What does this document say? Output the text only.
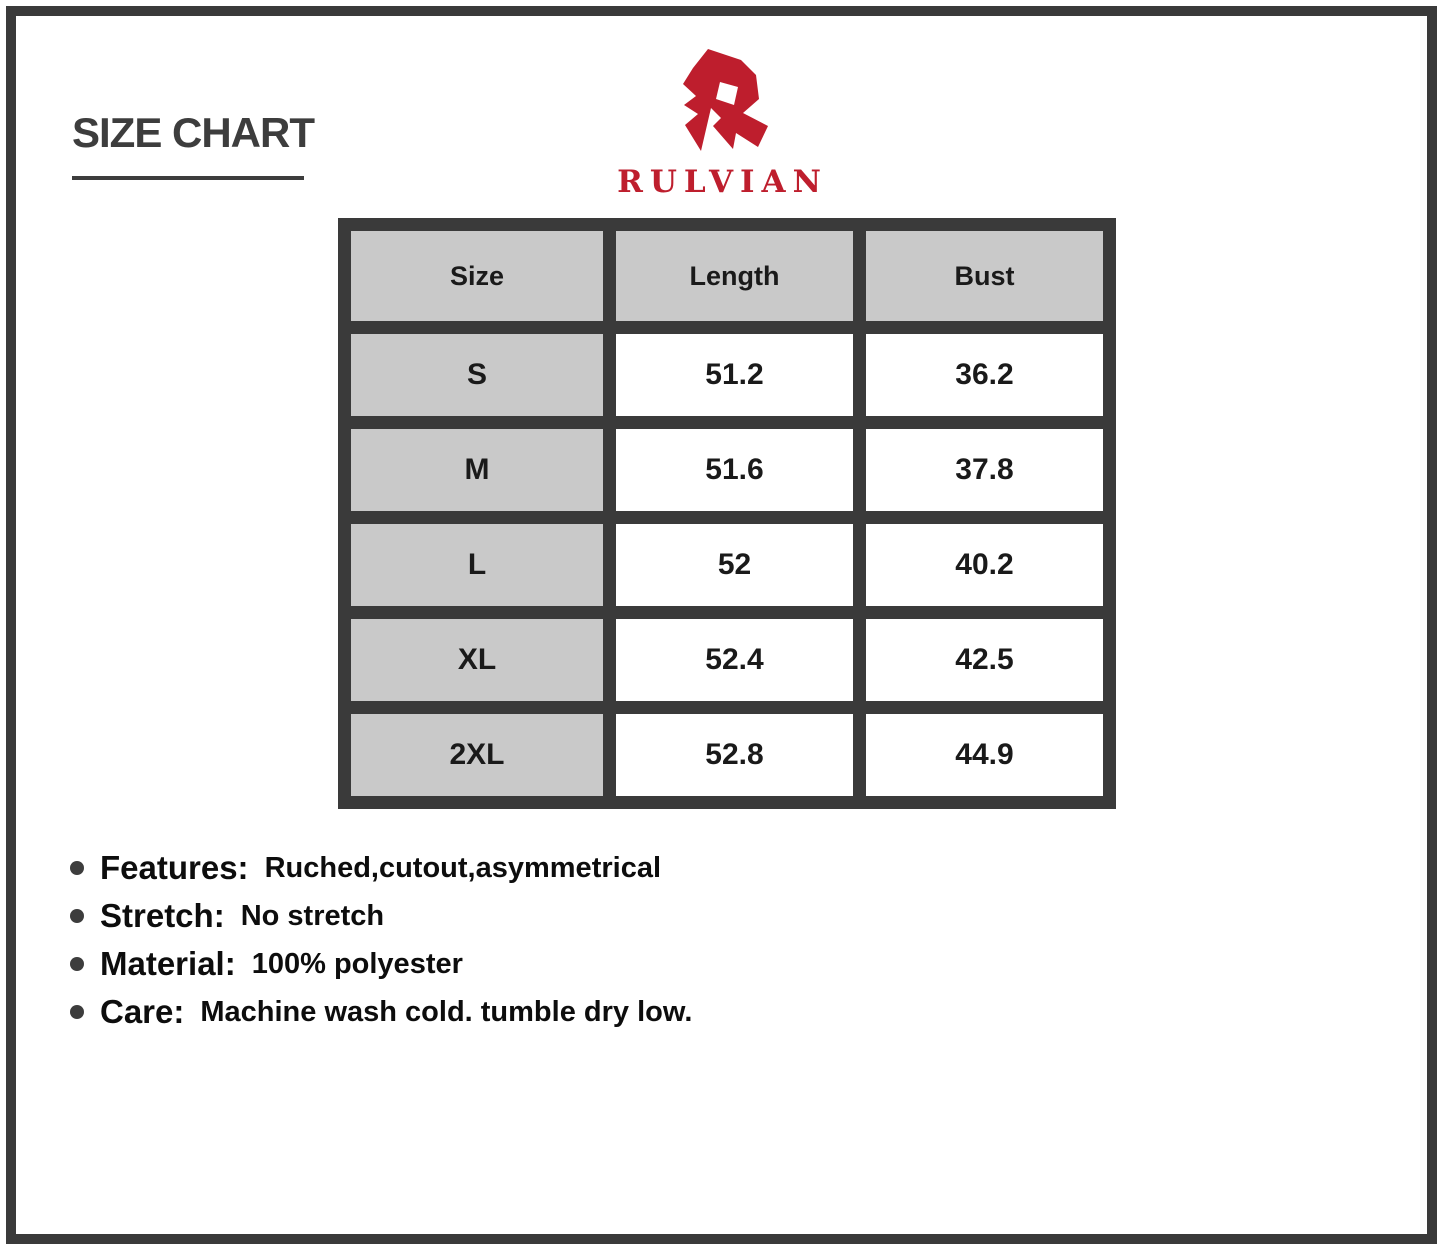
SIZE CHART
RULVIAN
Size	Length	Bust
S	51.2	36.2
M	51.6	37.8
L	52	40.2
XL	52.4	42.5
2XL	52.8	44.9
Features: Ruched,cutout,asymmetrical
Stretch: No stretch
Material: 100% polyester
Care: Machine wash cold. tumble dry low.
